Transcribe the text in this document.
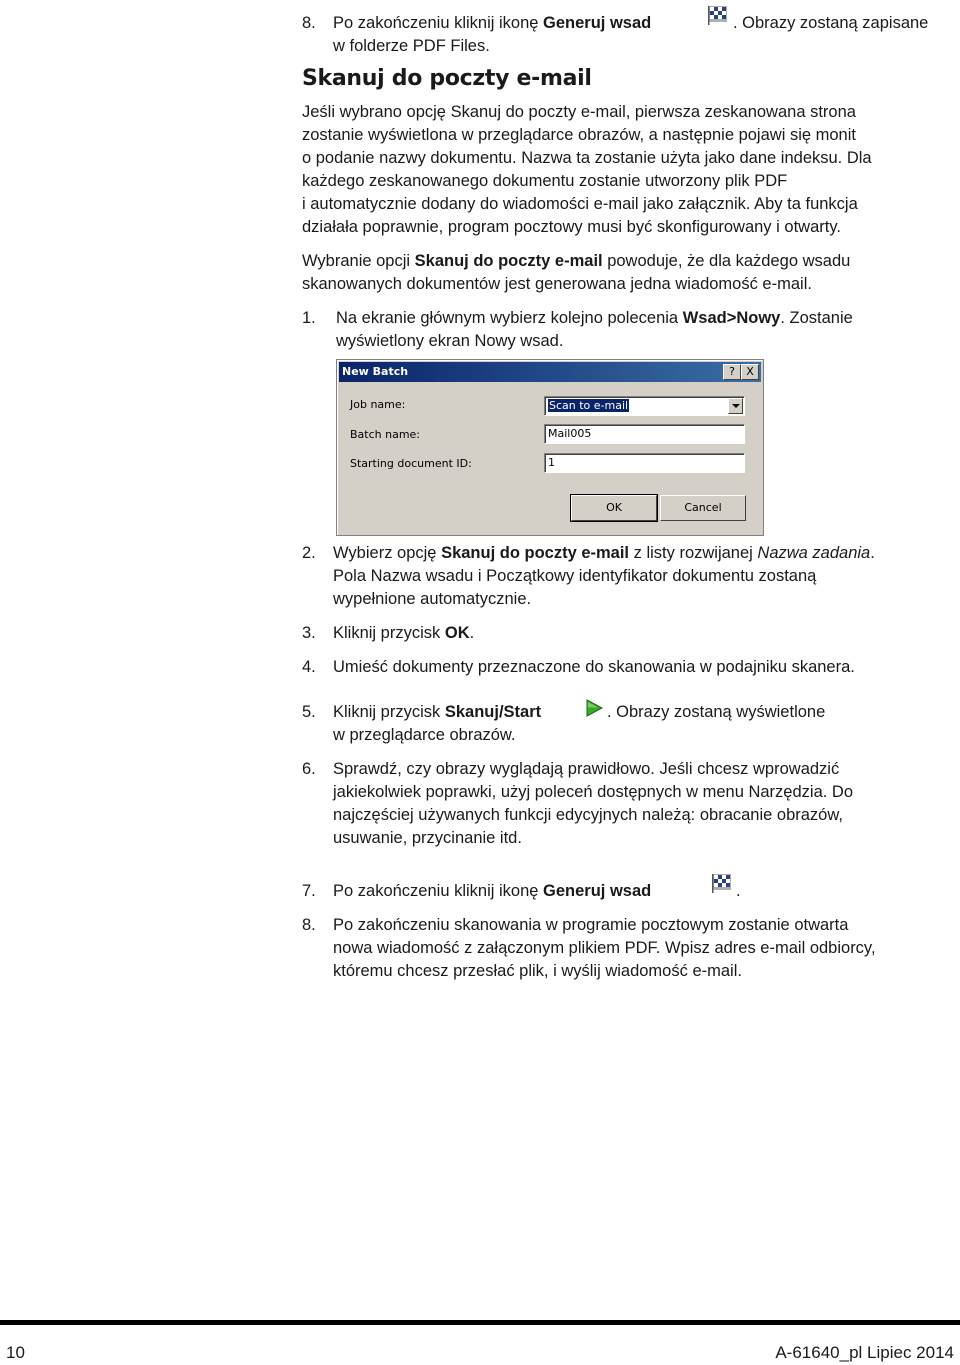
8. Po zakończeniu kliknij ikonę Generuj wsad	. Obrazy zostaną zapisane
w folderze PDF Files.
Skanuj do poczty e-mail
Jeśli wybrano opcję Skanuj do poczty e-mail, pierwsza zeskanowana strona
zostanie wyświetlona w przeglądarce obrazów, a następnie pojawi się monit
o podanie nazwy dokumentu. Nazwa ta zostanie użyta jako dane indeksu. Dla
każdego zeskanowanego dokumentu zostanie utworzony plik PDF
i automatycznie dodany do wiadomości e-mail jako załącznik. Aby ta funkcja
działała poprawnie, program pocztowy musi być skonfigurowany i otwarty.
Wybranie opcji Skanuj do poczty e-mail powoduje, że dla każdego wsadu
skanowanych dokumentów jest generowana jedna wiadomość e-mail.
1. Na ekranie głównym wybierz kolejno polecenia Wsad>Nowy. Zostanie
wyświetlony ekran Nowy wsad.
New Batch	?	X
Job name:	Scan to e-mail
Batch name:	Mail005
Starting document ID:	1
OK	Cancel
2. Wybierz opcję Skanuj do poczty e-mail z listy rozwijanej Nazwa zadania.
Pola Nazwa wsadu i Początkowy identyfikator dokumentu zostaną
wypełnione automatycznie.
3. Kliknij przycisk OK.
4. Umieść dokumenty przeznaczone do skanowania w podajniku skanera.
5. Kliknij przycisk Skanuj/Start	. Obrazy zostaną wyświetlone
w przeglądarce obrazów.
6. Sprawdź, czy obrazy wyglądają prawidłowo. Jeśli chcesz wprowadzić
jakiekolwiek poprawki, użyj poleceń dostępnych w menu Narzędzia. Do
najczęściej używanych funkcji edycyjnych należą: obracanie obrazów,
usuwanie, przycinanie itd.
7. Po zakończeniu kliknij ikonę Generuj wsad	.
8. Po zakończeniu skanowania w programie pocztowym zostanie otwarta
nowa wiadomość z załączonym plikiem PDF. Wpisz adres e-mail odbiorcy,
któremu chcesz przesłać plik, i wyślij wiadomość e-mail.
10	A-61640_pl Lipiec 2014
